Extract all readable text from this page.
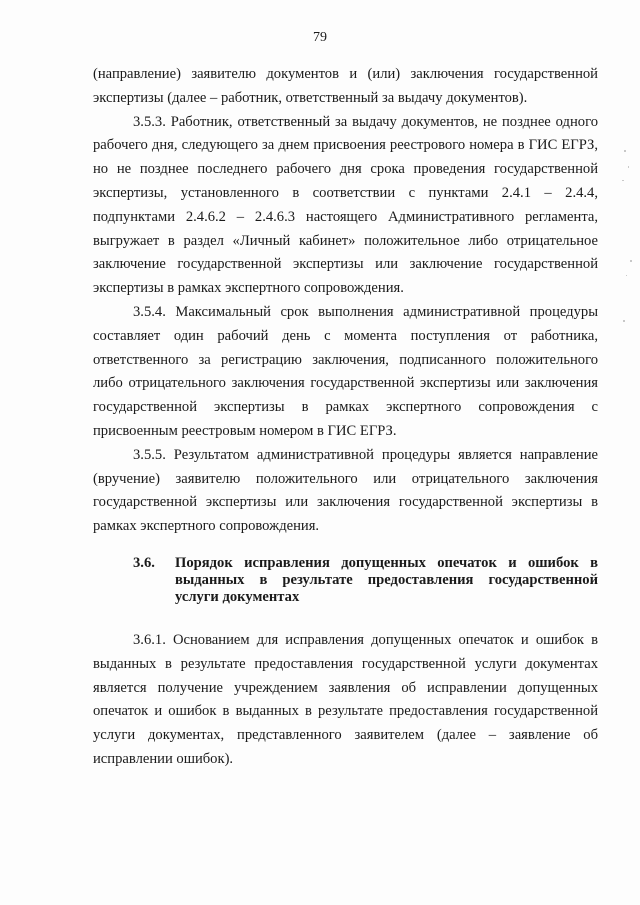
79

(направление) заявителю документов и (или) заключения государственной экспертизы (далее – работник, ответственный за выдачу документов).

3.5.3. Работник, ответственный за выдачу документов, не позднее одного рабочего дня, следующего за днем присвоения реестрового номера в ГИС ЕГРЗ, но не позднее последнего рабочего дня срока проведения государственной экспертизы, установленного в соответствии с пунктами 2.4.1 – 2.4.4, подпунктами 2.4.6.2 – 2.4.6.3 настоящего Административного регламента, выгружает в раздел «Личный кабинет» положительное либо отрицательное заключение государственной экспертизы или заключение государственной экспертизы в рамках экспертного сопровождения.

3.5.4. Максимальный срок выполнения административной процедуры составляет один рабочий день с момента поступления от работника, ответственного за регистрацию заключения, подписанного положительного либо отрицательного заключения государственной экспертизы или заключения государственной экспертизы в рамках экспертного сопровождения с присвоенным реестровым номером в ГИС ЕГРЗ.

3.5.5. Результатом административной процедуры является направление (вручение) заявителю положительного или отрицательного заключения государственной экспертизы или заключения государственной экспертизы в рамках экспертного сопровождения.

3.6.	Порядок исправления допущенных опечаток и ошибок в выданных в результате предоставления государственной услуги документах

3.6.1. Основанием для исправления допущенных опечаток и ошибок в выданных в результате предоставления государственной услуги документах является получение учреждением заявления об исправлении допущенных опечаток и ошибок в выданных в результате предоставления государственной услуги документах, представленного заявителем (далее – заявление об исправлении ошибок).
